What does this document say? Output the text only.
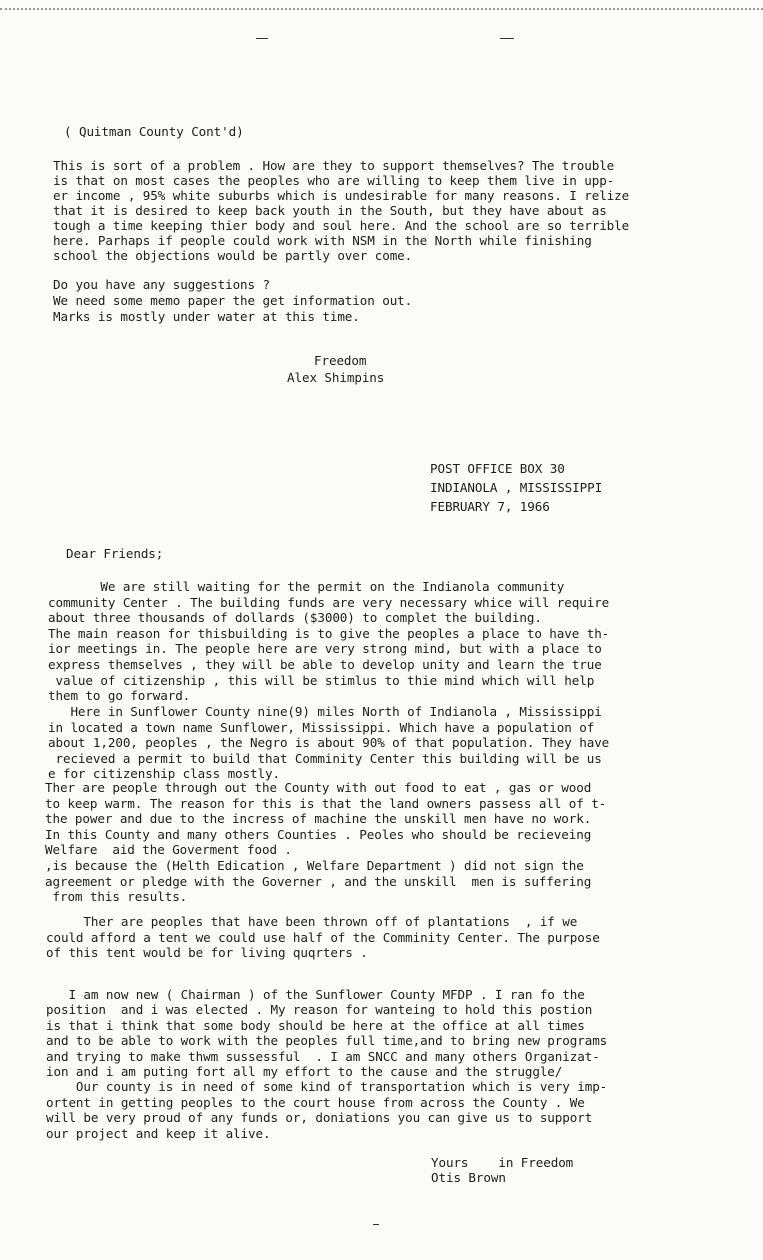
( Quitman County Cont'd)
Freedom
Alex Shimpins
Dear Friends;
Yours    in Freedom
Otis Brown
This is sort of a problem . How are they to support themselves? The trouble
is that on most cases the peoples who are willing to keep them live in upp-
er income , 95% white suburbs which is undesirable for many reasons. I relize
that it is desired to keep back youth in the South, but they have about as
tough a time keeping thier body and soul here. And the school are so terrible
here. Parhaps if people could work with NSM in the North while finishing
school the objections would be partly over come.
Do you have any suggestions ?
We need some memo paper the get information out.
Marks is mostly under water at this time.
POST OFFICE BOX 30
INDIANOLA , MISSISSIPPI
FEBRUARY 7, 1966
We are still waiting for the permit on the Indianola community
community Center . The building funds are very necessary whice will require
about three thousands of dollards ($3000) to complet the building.
The main reason for thisbuilding is to give the peoples a place to have th-
ior meetings in. The people here are very strong mind, but with a place to
express themselves , they will be able to develop unity and learn the true
value of citizenship , this will be stimlus to thie mind which will help
them to go forward.
Here in Sunflower County nine(9) miles North of Indianola , Mississippi
in located a town name Sunflower, Mississippi. Which have a population of
about 1,200, peoples , the Negro is about 90% of that population. They have
recieved a permit to build that Comminity Center this building will be us
e for citizenship class mostly.
Ther are people through out the County with out food to eat , gas or wood
to keep warm. The reason for this is that the land owners passess all of t-
the power and due to the incress of machine the unskill men have no work.
In this County and many others Counties . Peoles who should be recieveing
Welfare  aid the Goverment food .
,is because the (Helth Edication , Welfare Department ) did not sign the
agreement or pledge with the Governer , and the unskill  men is suffering
from this results.
Ther are peoples that have been thrown off of plantations  , if we
could afford a tent we could use half of the Comminity Center. The purpose
of this tent would be for living quqrters .
I am now new ( Chairman ) of the Sunflower County MFDP . I ran fo the
position  and i was elected . My reason for wanteing to hold this postion
is that i think that some body should be here at the office at all times
and to be able to work with the peoples full time,and to bring new programs
and trying to make thwm sussessful  . I am SNCC and many others Organizat-
ion and i am puting fort all my effort to the cause and the struggle/
Our county is in need of some kind of transportation which is very imp-
ortent in getting peoples to the court house from across the County . We
will be very proud of any funds or, doniations you can give us to support
our project and keep it alive.
